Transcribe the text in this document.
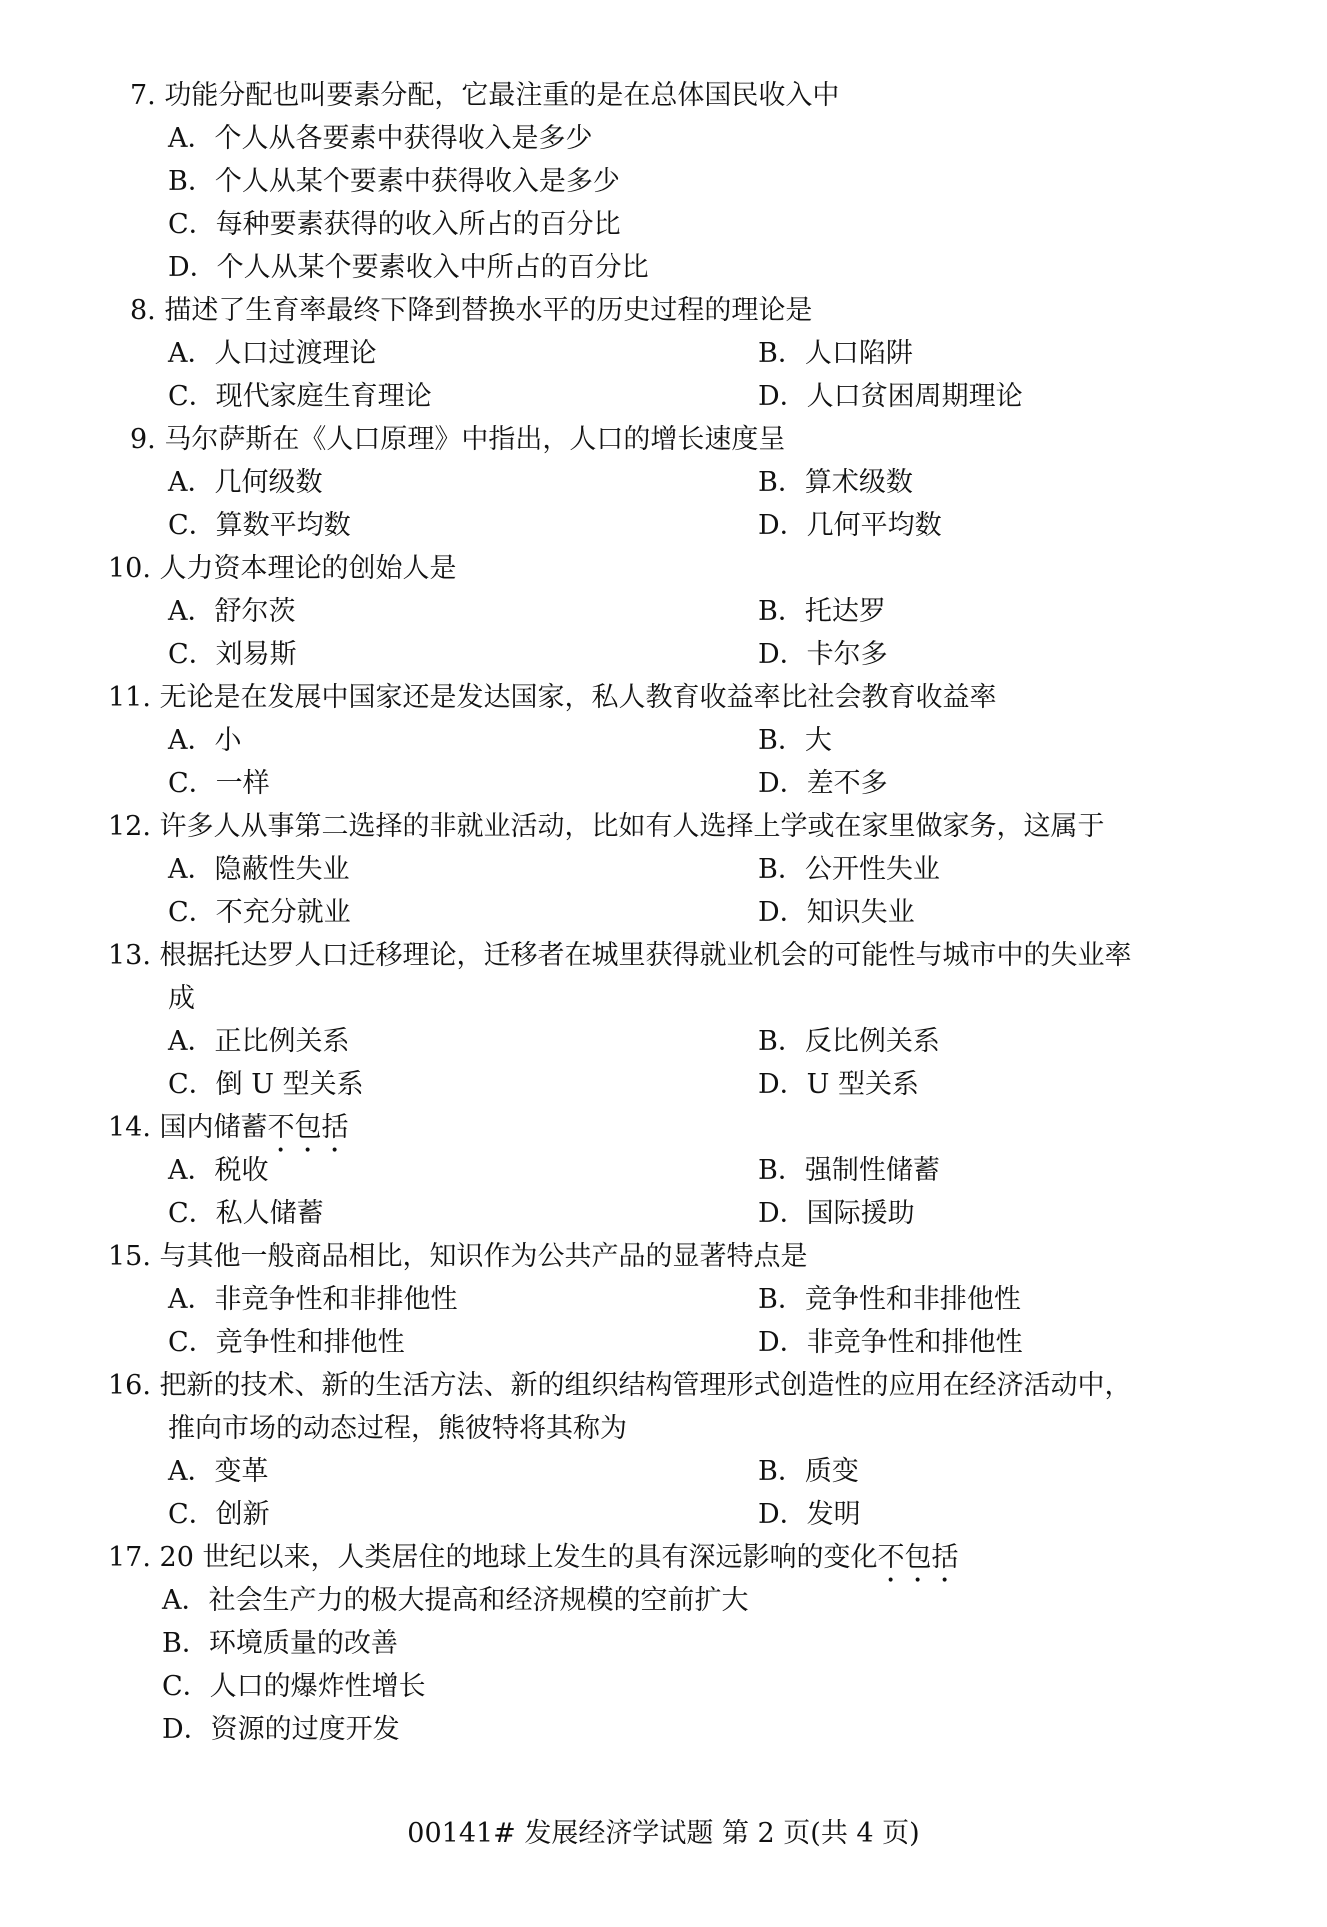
7. 功能分配也叫要素分配，它最注重的是在总体国民收入中
A．个人从各要素中获得收入是多少
B．个人从某个要素中获得收入是多少
C．每种要素获得的收入所占的百分比
D．个人从某个要素收入中所占的百分比
8. 描述了生育率最终下降到替换水平的历史过程的理论是
A．人口过渡理论	B．人口陷阱
C．现代家庭生育理论	D．人口贫困周期理论
9. 马尔萨斯在《人口原理》中指出，人口的增长速度呈
A．几何级数	B．算术级数
C．算数平均数	D．几何平均数
10. 人力资本理论的创始人是
A．舒尔茨	B．托达罗
C．刘易斯	D．卡尔多
11. 无论是在发展中国家还是发达国家，私人教育收益率比社会教育收益率
A．小	B．大
C．一样	D．差不多
12. 许多人从事第二选择的非就业活动，比如有人选择上学或在家里做家务，这属于
A．隐蔽性失业	B．公开性失业
C．不充分就业	D．知识失业
13. 根据托达罗人口迁移理论，迁移者在城里获得就业机会的可能性与城市中的失业率
成
A．正比例关系	B．反比例关系
C．倒 U 型关系	D．U 型关系
14. 国内储蓄不包括
A．税收	B．强制性储蓄
C．私人储蓄	D．国际援助
15. 与其他一般商品相比，知识作为公共产品的显著特点是
A．非竞争性和非排他性	B．竞争性和非排他性
C．竞争性和排他性	D．非竞争性和排他性
16. 把新的技术、新的生活方法、新的组织结构管理形式创造性的应用在经济活动中，
推向市场的动态过程，熊彼特将其称为
A．变革	B．质变
C．创新	D．发明
17. 20 世纪以来，人类居住的地球上发生的具有深远影响的变化不包括
A．社会生产力的极大提高和经济规模的空前扩大
B．环境质量的改善
C．人口的爆炸性增长
D．资源的过度开发
00141# 发展经济学试题 第 2 页(共 4 页)
